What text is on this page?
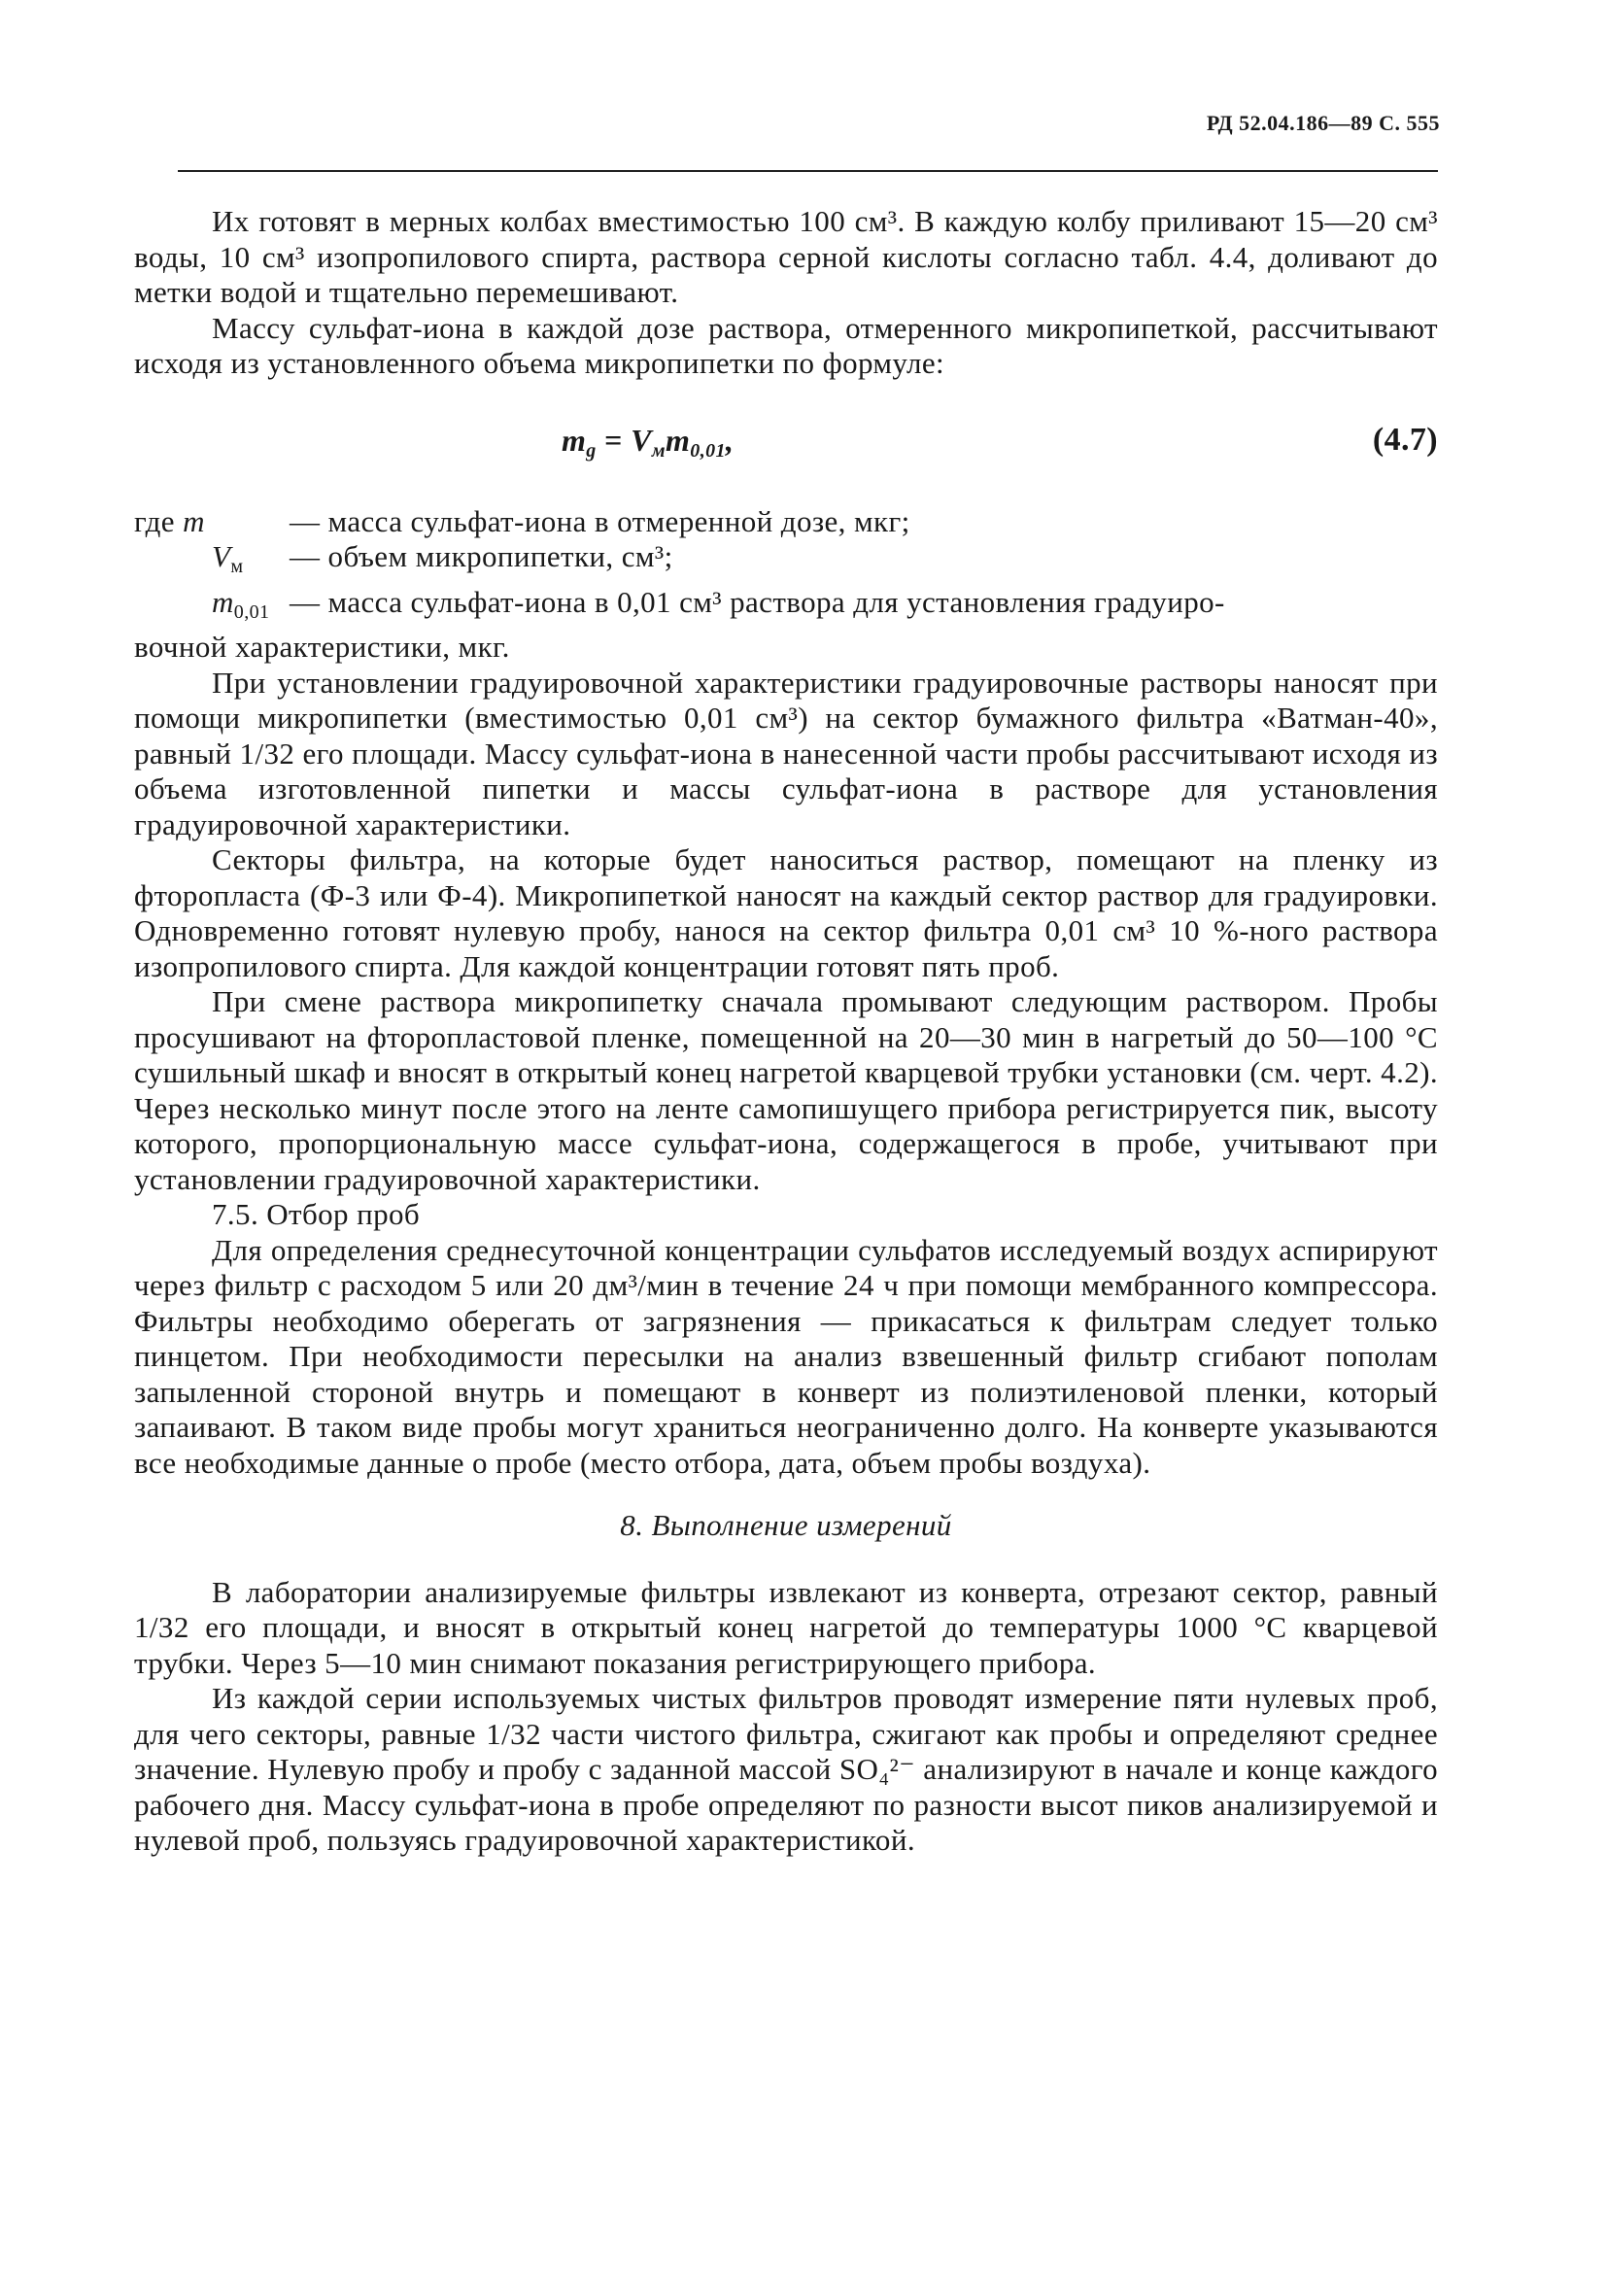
РД 52.04.186—89 С. 555

Их готовят в мерных колбах вместимостью 100 см³. В каждую колбу приливают 15—20 см³ воды, 10 см³ изопропилового спирта, раствора серной кислоты согласно табл. 4.4, доливают до метки водой и тщательно перемешивают.

Массу сульфат-иона в каждой дозе раствора, отмеренного микропипеткой, рассчитывают исходя из установленного объема микропипетки по формуле:

$m_g = V_мm_{0,01}$,	(4.7)
где m	— масса сульфат-иона в отмеренной дозе, мкг;
$V_м$	— объем микропипетки, см³;
$m_{0,01}$ — масса сульфат-иона в 0,01 см³ раствора для установления градуиро-

вочной характеристики, мкг.

При установлении градуировочной характеристики градуировочные растворы наносят при помощи микропипетки (вместимостью 0,01 см³) на сектор бумажного фильтра «Ватман-40», равный 1/32 его площади. Массу сульфат-иона в нанесенной части пробы рассчитывают исходя из объема изготовленной пипетки и массы сульфат-иона в растворе для установления градуировочной характеристики.

Секторы фильтра, на которые будет наноситься раствор, помещают на пленку из фторопласта (Ф-3 или Ф-4). Микропипеткой наносят на каждый сектор раствор для градуировки. Одновременно готовят нулевую пробу, нанося на сектор фильтра 0,01 см³ 10 %-ного раствора изопропилового спирта. Для каждой концентрации готовят пять проб.

При смене раствора микропипетку сначала промывают следующим раствором. Пробы просушивают на фторопластовой пленке, помещенной на 20—30 мин в нагретый до 50—100 °С сушильный шкаф и вносят в открытый конец нагретой кварцевой трубки установки (см. черт. 4.2). Через несколько минут после этого на ленте самопишущего прибора регистрируется пик, высоту которого, пропорциональную массе сульфат-иона, содержащегося в пробе, учитывают при установлении градуировочной характеристики.

7.5. Отбор проб

Для определения среднесуточной концентрации сульфатов исследуемый воздух аспирируют через фильтр с расходом 5 или 20 дм³/мин в течение 24 ч при помощи мембранного компрессора. Фильтры необходимо оберегать от загрязнения — прикасаться к фильтрам следует только пинцетом. При необходимости пересылки на анализ взвешенный фильтр сгибают пополам запыленной стороной внутрь и помещают в конверт из полиэтиленовой пленки, который запаивают. В таком виде пробы могут храниться неограниченно долго. На конверте указываются все необходимые данные о пробе (место отбора, дата, объем пробы воздуха).

8. Выполнение измерений

В лаборатории анализируемые фильтры извлекают из конверта, отрезают сектор, равный 1/32 его площади, и вносят в открытый конец нагретой до температуры 1000 °С кварцевой трубки. Через 5—10 мин снимают показания регистрирующего прибора.

Из каждой серии используемых чистых фильтров проводят измерение пяти нулевых проб, для чего секторы, равные 1/32 части чистого фильтра, сжигают как пробы и определяют среднее значение. Нулевую пробу и пробу с заданной массой SO₄²⁻ анализируют в начале и конце каждого рабочего дня. Массу сульфат-иона в пробе определяют по разности высот пиков анализируемой и нулевой проб, пользуясь градуировочной характеристикой.
